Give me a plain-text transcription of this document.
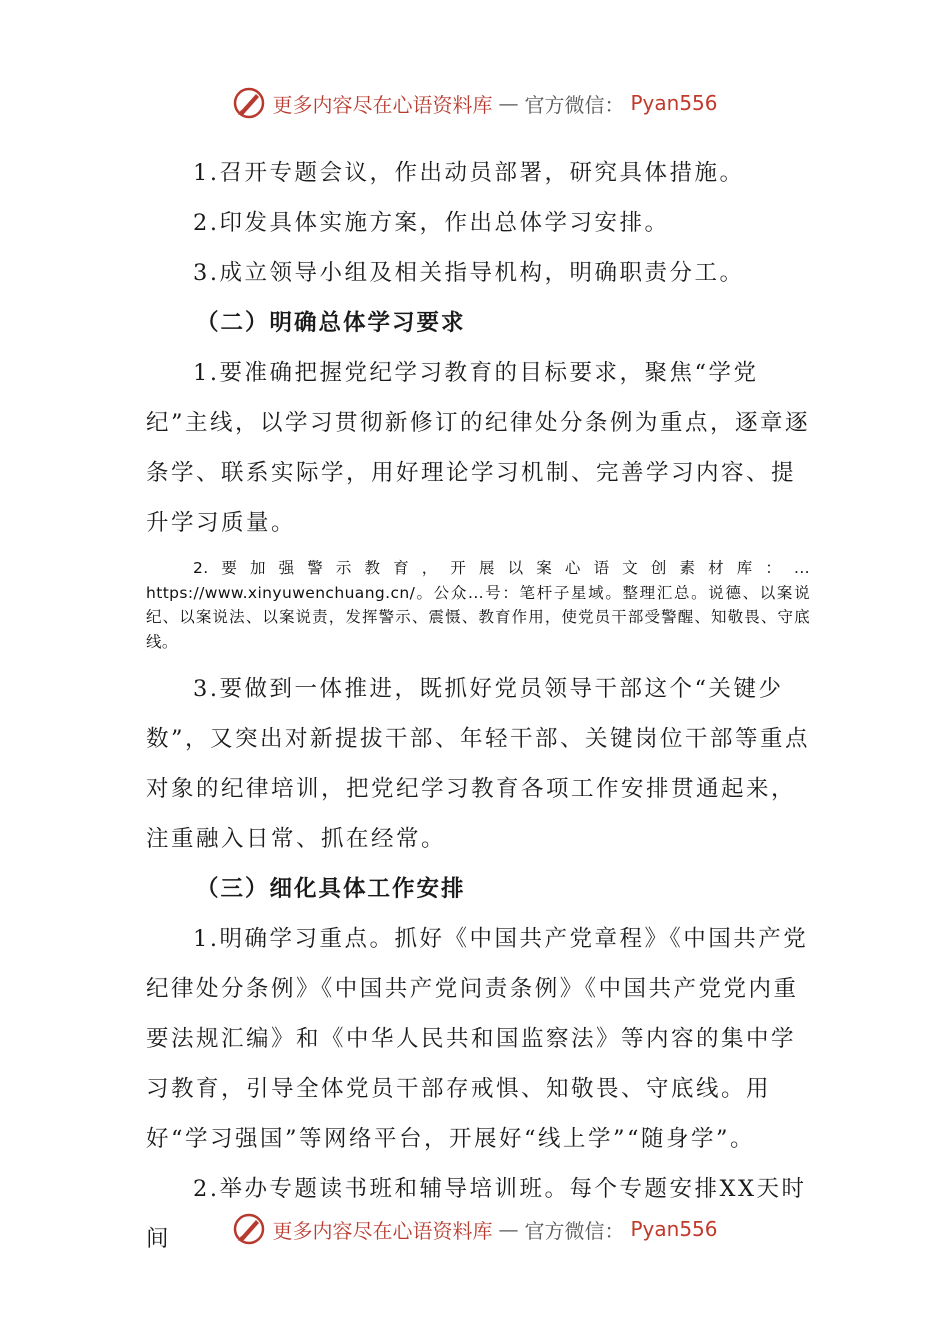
更多内容尽在心语资料库 — 官方微信： Pyan556

1.召开专题会议，作出动员部署，研究具体措施。

2.印发具体实施方案，作出总体学习安排。

3.成立领导小组及相关指导机构，明确职责分工。

（二）明确总体学习要求

1.要准确把握党纪学习教育的目标要求，聚焦“学党纪”主线，以学习贯彻新修订的纪律处分条例为重点，逐章逐条学、联系实际学，用好理论学习机制、完善学习内容、提升学习质量。

2.要加强警示教育，开展以案心语文创素材库：... https://www.xinyuwenchuang.cn/。公众...号：笔杆子星域。整理汇总。说德、以案说纪、以案说法、以案说责，发挥警示、震慑、教育作用，使党员干部受警醒、知敬畏、守底线。

3.要做到一体推进，既抓好党员领导干部这个“关键少数”，又突出对新提拔干部、年轻干部、关键岗位干部等重点对象的纪律培训，把党纪学习教育各项工作安排贯通起来，注重融入日常、抓在经常。

（三）细化具体工作安排

1.明确学习重点。抓好《中国共产党章程》《中国共产党纪律处分条例》《中国共产党问责条例》《中国共产党党内重要法规汇编》和《中华人民共和国监察法》等内容的集中学习教育，引导全体党员干部存戒惧、知敬畏、守底线。用好“学习强国”等网络平台，开展好“线上学”“随身学”。

2.举办专题读书班和辅导培训班。每个专题安排XX天时间	更多内容尽在心语资料库 — 官方微信： Pyan556
